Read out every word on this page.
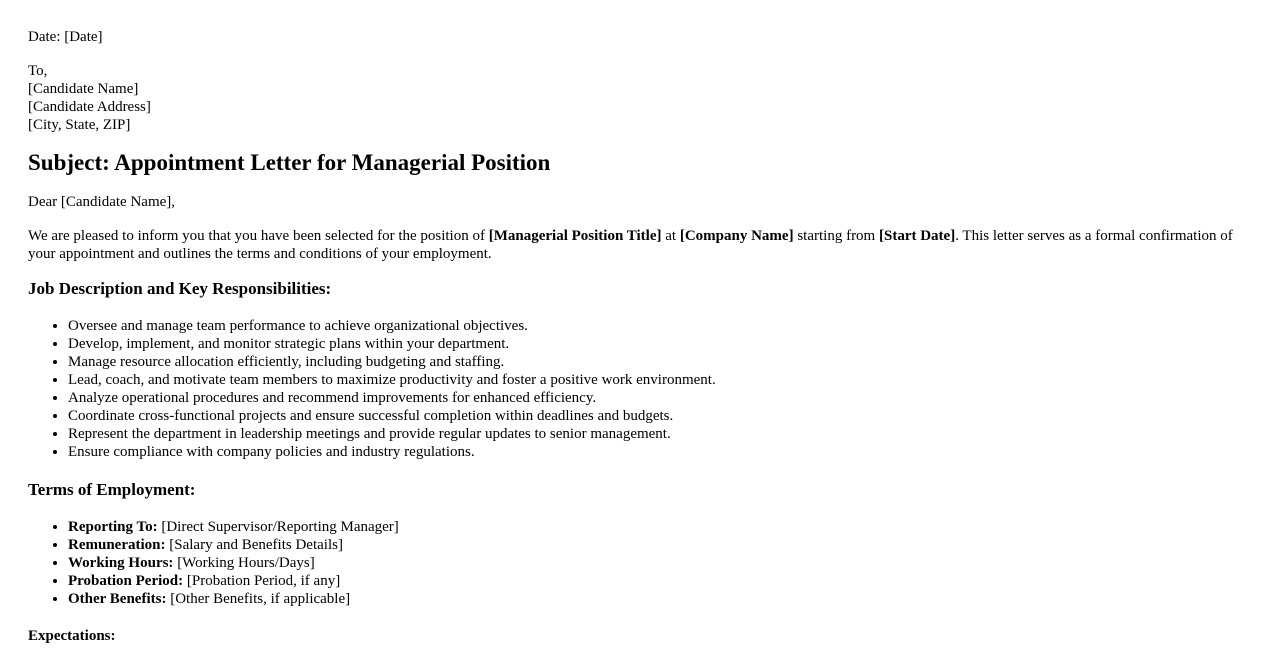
Date: [Date]
To,
[Candidate Name]
[Candidate Address]
[City, State, ZIP]
Subject: Appointment Letter for Managerial Position

Dear [Candidate Name],

We are pleased to inform you that you have been selected for the position of [Managerial Position Title] at [Company Name] starting from [Start Date]. This letter serves as a formal confirmation of your appointment and outlines the terms and conditions of your employment.

Job Description and Key Responsibilities:
• Oversee and manage team performance to achieve organizational objectives.
• Develop, implement, and monitor strategic plans within your department.
• Manage resource allocation efficiently, including budgeting and staffing.
• Lead, coach, and motivate team members to maximize productivity and foster a positive work environment.
• Analyze operational procedures and recommend improvements for enhanced efficiency.
• Coordinate cross-functional projects and ensure successful completion within deadlines and budgets.
• Represent the department in leadership meetings and provide regular updates to senior management.
• Ensure compliance with company policies and industry regulations.
Terms of Employment:
• Reporting To: [Direct Supervisor/Reporting Manager]
• Remuneration: [Salary and Benefits Details]
• Working Hours: [Working Hours/Days]
• Probation Period: [Probation Period, if any]
• Other Benefits: [Other Benefits, if applicable]
Expectations:
